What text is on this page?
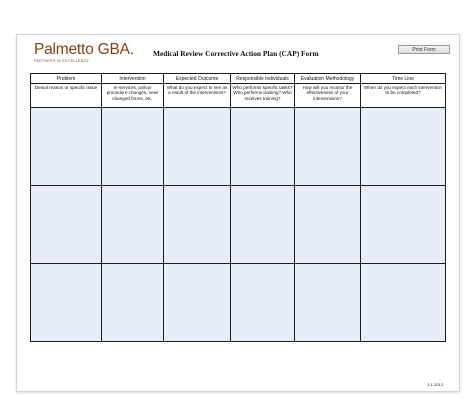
Palmetto GBA.
PARTNERS IN EXCELLENCE
Medical Review Corrective Action Plan (CAP) Form	Print Form
Problem	Intervention	Expected Outcome	Responsible Individuals	Evaluation Methodology	Time Line
Denial reason or specific issue	In-services, policy/ procedure changes, new/ changed forms, etc.	What do you expect to see as a result of the interventions?	Who performs specific tasks? Who performs training? Who receives training?	How will you monitor the effectiveness of your interventions?	When do you expect each intervention to be completed?

1.1-2013
